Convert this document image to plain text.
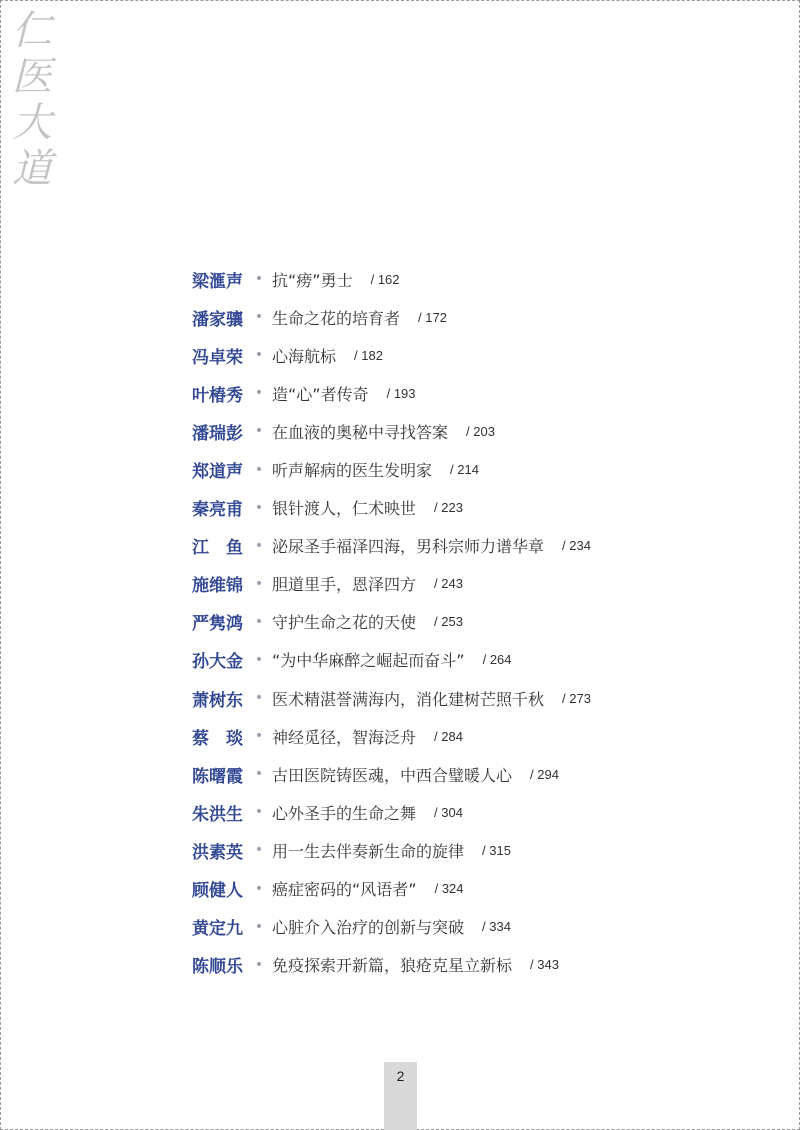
仁
医
大
道
梁滙声 • 抗“痨”勇士 / 162
潘家骧 • 生命之花的培育者 / 172
冯卓荣 • 心海航标 / 182
叶椿秀 • 造“心”者传奇 / 193
潘瑞彭 • 在血液的奥秘中寻找答案 / 203
郑道声 • 听声解病的医生发明家 / 214
秦亮甫 • 银针渡人，仁术映世 / 223
江　鱼 • 泌尿圣手福泽四海，男科宗师力谱华章 / 234
施维锦 • 胆道里手，恩泽四方 / 243
严隽鸿 • 守护生命之花的天使 / 253
孙大金 • “为中华麻醉之崛起而奋斗” / 264
萧树东 • 医术精湛誉满海内，消化建树芒照千秋 / 273
蔡　琰 • 神经觅径，智海泛舟 / 284
陈曙霞 • 古田医院铸医魂，中西合璧暖人心 / 294
朱洪生 • 心外圣手的生命之舞 / 304
洪素英 • 用一生去伴奏新生命的旋律 / 315
顾健人 • 癌症密码的“风语者” / 324
黄定九 • 心脏介入治疗的创新与突破 / 334
陈顺乐 • 免疫探索开新篇，狼疮克星立新标 / 343
2
